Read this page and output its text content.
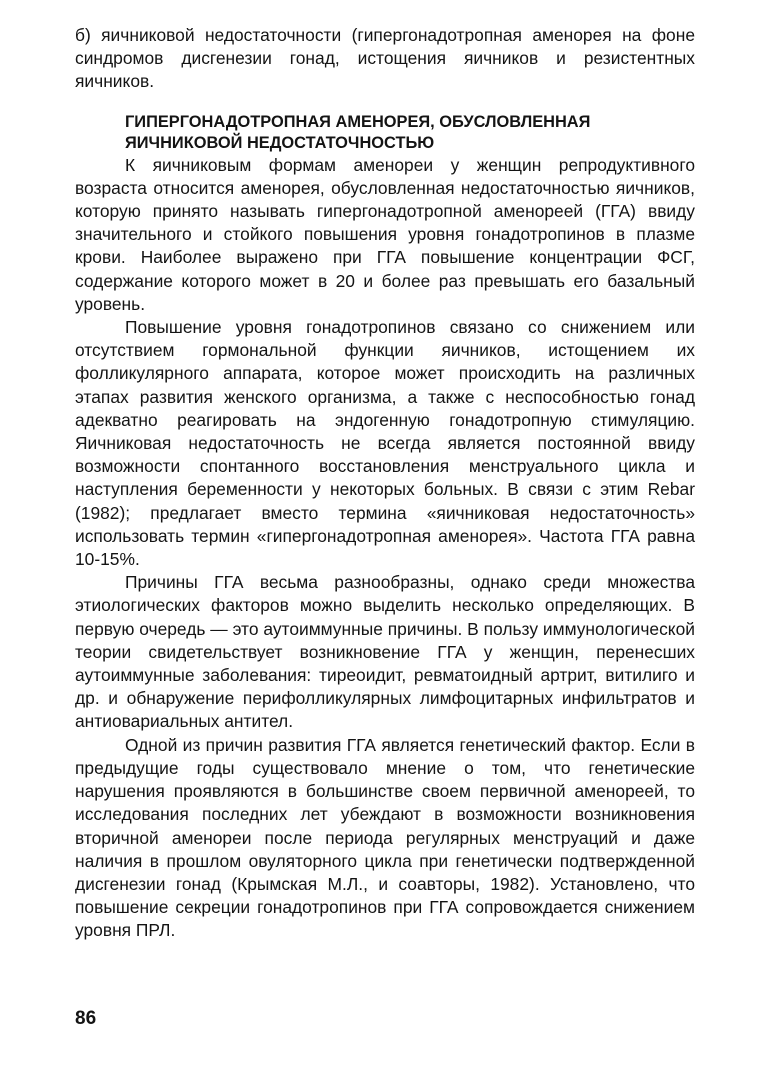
б) яичниковой недостаточности (гипергонадотропная аменорея на фоне синдромов дисгенезии гонад, истощения яичников и резистентных яичников.

ГИПЕРГОНАДОТРОПНАЯ АМЕНОРЕЯ, ОБУСЛОВЛЕННАЯ ЯИЧНИКОВОЙ НЕДОСТАТОЧНОСТЬЮ

К яичниковым формам аменореи у женщин репродуктивного возраста относится аменорея, обусловленная недостаточностью яичников, которую принято называть гипергонадотропной аменореей (ГГА) ввиду значительного и стойкого повышения уровня гонадотропинов в плазме крови. Наиболее выражено при ГГА повышение концентрации ФСГ, содержание которого может в 20 и более раз превышать его базальный уровень.

Повышение уровня гонадотропинов связано со снижением или отсутствием гормональной функции яичников, истощением их фолликулярного аппарата, которое может происходить на различных этапах развития женского организма, а также с неспособностью гонад адекватно реагировать на эндогенную гонадотропную стимуляцию. Яичниковая недостаточность не всегда является постоянной ввиду возможности спонтанного восстановления менструального цикла и наступления беременности у некоторых больных. В связи с этим Rebar (1982); предлагает вместо термина «яичниковая недостаточность» использовать термин «гипергонадотропная аменорея». Частота ГГА равна 10-15%.

Причины ГГА весьма разнообразны, однако среди множества этиологических факторов можно выделить несколько определяющих. В первую очередь — это аутоиммунные причины. В пользу иммунологической теории свидетельствует возникновение ГГА у женщин, перенесших аутоиммунные заболевания: тиреоидит, ревматоидный артрит, витилиго и др. и обнаружение перифолликулярных лимфоцитарных инфильтратов и антиовариальных антител.

Одной из причин развития ГГА является генетический фактор. Если в предыдущие годы существовало мнение о том, что генетические нарушения проявляются в большинстве своем первичной аменореей, то исследования последних лет убеждают в возможности возникновения вторичной аменореи после периода регулярных менструаций и даже наличия в прошлом овуляторного цикла при генетически подтвержденной дисгенезии гонад (Крымская М.Л., и соавторы, 1982). Установлено, что повышение секреции гонадотропинов при ГГА сопровождается снижением уровня ПРЛ.

86
